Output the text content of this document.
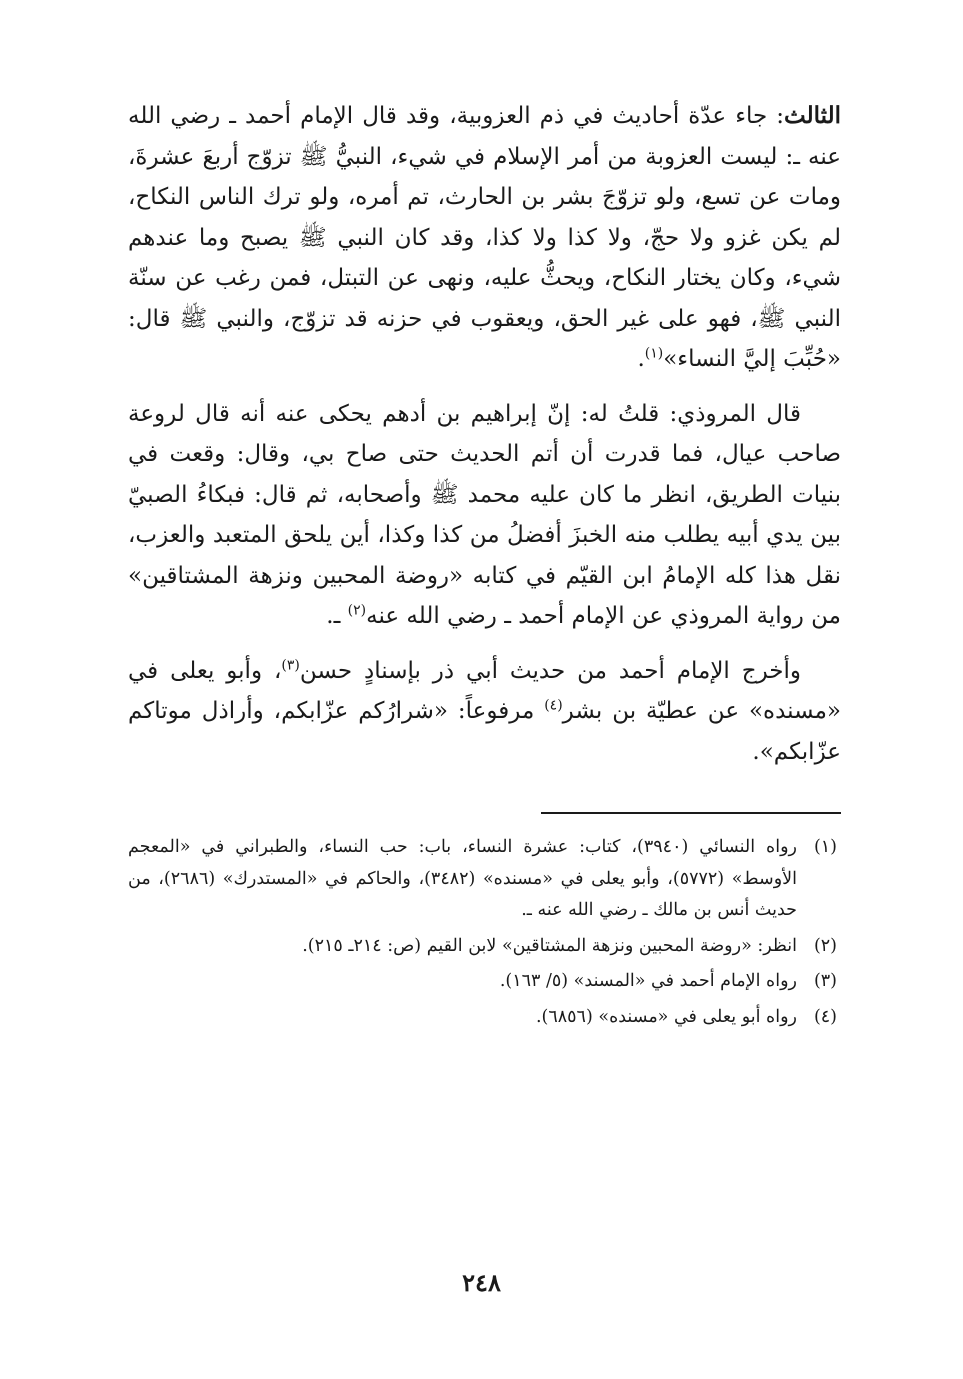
الثالث: جاء عدّة أحاديث في ذم العزوبية، وقد قال الإمام أحمد ـ رضي الله عنه ـ: ليست العزوبة من أمر الإسلام في شيء، النبيُّ ﷺ تزوّج أربعَ عشرةَ، ومات عن تسع، ولو تزوّجَ بشر بن الحارث، تم أمره، ولو ترك الناس النكاح، لم يكن غزو ولا حجّ، ولا كذا ولا كذا، وقد كان النبي ﷺ يصبح وما عندهم شيء، وكان يختار النكاح، ويحثُّ عليه، ونهى عن التبتل، فمن رغب عن سنّة النبي ﷺ، فهو على غير الحق، ويعقوب في حزنه قد تزوّج، والنبي ﷺ قال: «حُبِّبَ إليَّ النساء»$^{(١)}$.

قال المروذي: قلتُ له: إنّ إبراهيم بن أدهم يحكى عنه أنه قال لروعة صاحب عيال، فما قدرت أن أتم الحديث حتى صاح بي، وقال: وقعت في بنيات الطريق، انظر ما كان عليه محمد ﷺ وأصحابه، ثم قال: فبكاءُ الصبيّ بين يدي أبيه يطلب منه الخبزَ أفضلُ من كذا وكذا، أين يلحق المتعبد والعزب، نقل هذا كله الإمامُ ابن القيّم في كتابه «روضة المحبين ونزهة المشتاقين» من رواية المروذي عن الإمام أحمد ـ رضي الله عنه$^{(٢)}$ ـ.

وأخرج الإمام أحمد من حديث أبي ذر بإسنادٍ حسن$^{(٣)}$، وأبو يعلى في «مسنده» عن عطيّة بن بشر$^{(٤)}$ مرفوعاً: «شرارُكم عزّابكم، وأراذل موتاكم عزّابكم».

(١)
رواه النسائي (٣٩٤٠)، كتاب: عشرة النساء، باب: حب النساء، والطبراني في «المعجم الأوسط» (٥٧٧٢)، وأبو يعلى في «مسنده» (٣٤٨٢)، والحاكم في «المستدرك» (٢٦٨٦)، من حديث أنس بن مالك ـ رضي الله عنه ـ.
(٢)
انظر: «روضة المحبين ونزهة المشتاقين» لابن القيم (ص: ٢١٤ـ ٢١٥).
(٣)
رواه الإمام أحمد في «المسند» (٥/ ١٦٣).
(٤)
رواه أبو يعلى في «مسنده» (٦٨٥٦).
٢٤٨
